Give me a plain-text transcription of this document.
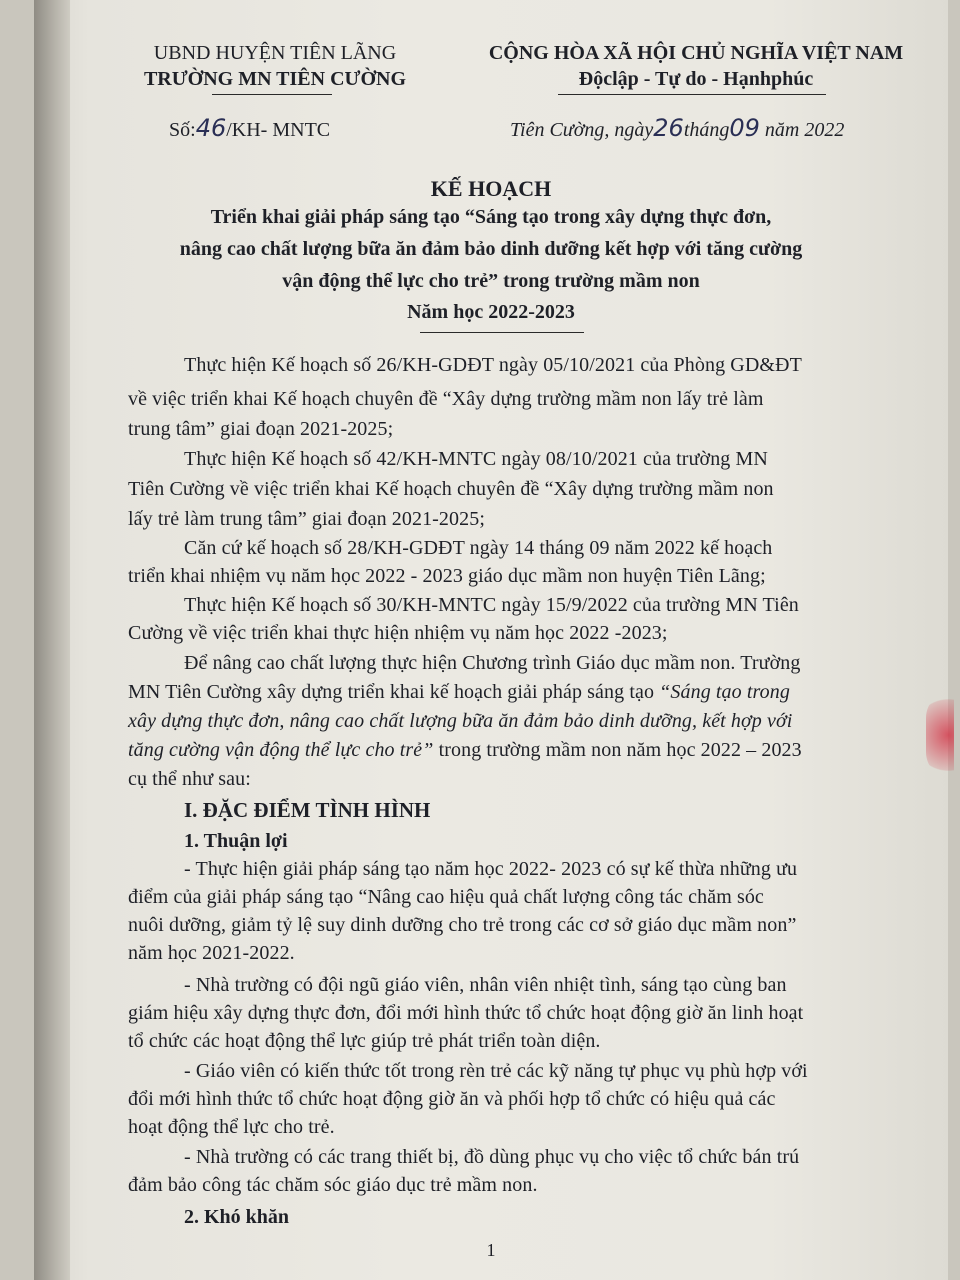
UBND HUYỆN TIÊN LÃNG
TRƯỜNG MN TIÊN CƯỜNG
CỘNG HÒA XÃ HỘI CHỦ NGHĨA VIỆT NAM
Độclập - Tự do - Hạnhphúc
Số:46/KH- MNTC	Tiên Cường, ngày26tháng09 năm 2022
KẾ HOẠCH
Triển khai giải pháp sáng tạo “Sáng tạo trong xây dựng thực đơn,
nâng cao chất lượng bữa ăn đảm bảo dinh dưỡng kết hợp với tăng cường
vận động thể lực cho trẻ” trong trường mầm non
Năm học 2022-2023
Thực hiện Kế hoạch số 26/KH-GDĐT ngày 05/10/2021 của Phòng GD&ĐT
về việc triển khai Kế hoạch chuyên đề “Xây dựng trường mầm non lấy trẻ làm
trung tâm” giai đoạn 2021-2025;
Thực hiện Kế hoạch số 42/KH-MNTC ngày 08/10/2021 của trường MN
Tiên Cường về việc triển khai Kế hoạch chuyên đề “Xây dựng trường mầm non
lấy trẻ làm trung tâm” giai đoạn 2021-2025;
Căn cứ kế hoạch số 28/KH-GDĐT ngày 14 tháng 09 năm 2022 kế hoạch
triển khai nhiệm vụ năm học 2022 - 2023 giáo dục mầm non huyện Tiên Lãng;
Thực hiện Kế hoạch số 30/KH-MNTC ngày 15/9/2022 của trường MN Tiên
Cường về việc triển khai thực hiện nhiệm vụ năm học 2022 -2023;
Để nâng cao chất lượng thực hiện Chương trình Giáo dục mầm non. Trường
MN Tiên Cường xây dựng triển khai kế hoạch giải pháp sáng tạo “Sáng tạo trong
xây dựng thực đơn, nâng cao chất lượng bữa ăn đảm bảo dinh dưỡng, kết hợp với
tăng cường vận động thể lực cho trẻ” trong trường mầm non năm học 2022 – 2023
cụ thể như sau:
I. ĐẶC ĐIỂM TÌNH HÌNH
1. Thuận lợi
- Thực hiện giải pháp sáng tạo năm học 2022- 2023 có sự kế thừa những ưu
điểm của giải pháp sáng tạo “Nâng cao hiệu quả chất lượng công tác chăm sóc
nuôi dưỡng, giảm tỷ lệ suy dinh dưỡng cho trẻ trong các cơ sở giáo dục mầm non”
năm học 2021-2022.
- Nhà trường có đội ngũ giáo viên, nhân viên nhiệt tình, sáng tạo cùng ban
giám hiệu xây dựng thực đơn, đổi mới hình thức tổ chức hoạt động giờ ăn linh hoạt
tổ chức các hoạt động thể lực giúp trẻ phát triển toàn diện.
- Giáo viên có kiến thức tốt trong rèn trẻ các kỹ năng tự phục vụ phù hợp với
đổi mới hình thức tổ chức hoạt động giờ ăn và phối hợp tổ chức có hiệu quả các
hoạt động thể lực cho trẻ.
- Nhà trường có các trang thiết bị, đồ dùng phục vụ cho việc tổ chức bán trú
đảm bảo công tác chăm sóc giáo dục trẻ mầm non.
2. Khó khăn
1
